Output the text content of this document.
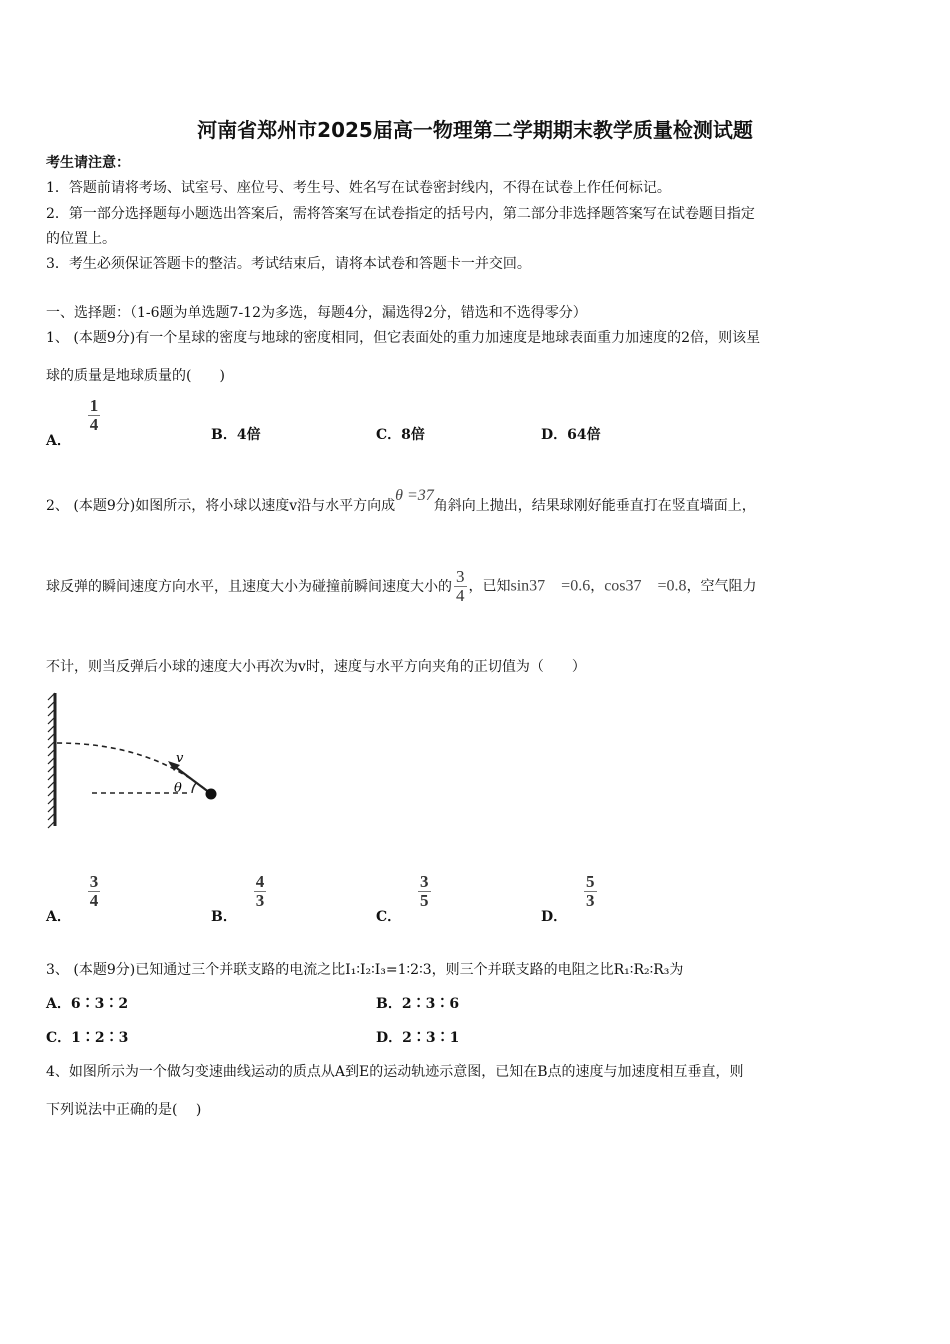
河南省郑州市2025届高一物理第二学期期末教学质量检测试题
考生请注意：
1．答题前请将考场、试室号、座位号、考生号、姓名写在试卷密封线内，不得在试卷上作任何标记。
2．第一部分选择题每小题选出答案后，需将答案写在试卷指定的括号内，第二部分非选择题答案写在试卷题目指定
的位置上。
3．考生必须保证答题卡的整洁。考试结束后，请将本试卷和答题卡一并交回。
一、选择题：（1-6题为单选题7-12为多选，每题4分，漏选得2分，错选和不选得零分）
1、 (本题9分)有一个星球的密度与地球的密度相同，但它表面处的重力加速度是地球表面重力加速度的2倍，则该星
球的质量是地球质量的(　　)
A．
$\frac{1}{4}$
B．4倍	C．8倍	D．64倍
2、 (本题9分)如图所示，将小球以速度v沿与水平方向成θ =37角斜向上抛出，结果球刚好能垂直打在竖直墙面上，
球反弹的瞬间速度方向水平，且速度大小为碰撞前瞬间速度大小的 $\frac{3}{4}$ ，已知sin37　=0.6，cos37　=0.8，空气阻力
不计，则当反弹后小球的速度大小再次为v时，速度与水平方向夹角的正切值为（　　）
v
θ
A．
$\frac{3}{4}$
B．
$\frac{4}{3}$
C．
$\frac{3}{5}$
D．
$\frac{5}{3}$
3、 (本题9分)已知通过三个并联支路的电流之比I₁∶I₂∶I₃=1∶2∶3，则三个并联支路的电阻之比R₁∶R₂∶R₃为
A．6∶3∶2	B．2∶3∶6
C．1∶2∶3	D．2∶3∶1
4、如图所示为一个做匀变速曲线运动的质点从A到E的运动轨迹示意图，已知在B点的速度与加速度相互垂直，则
下列说法中正确的是(　 )
